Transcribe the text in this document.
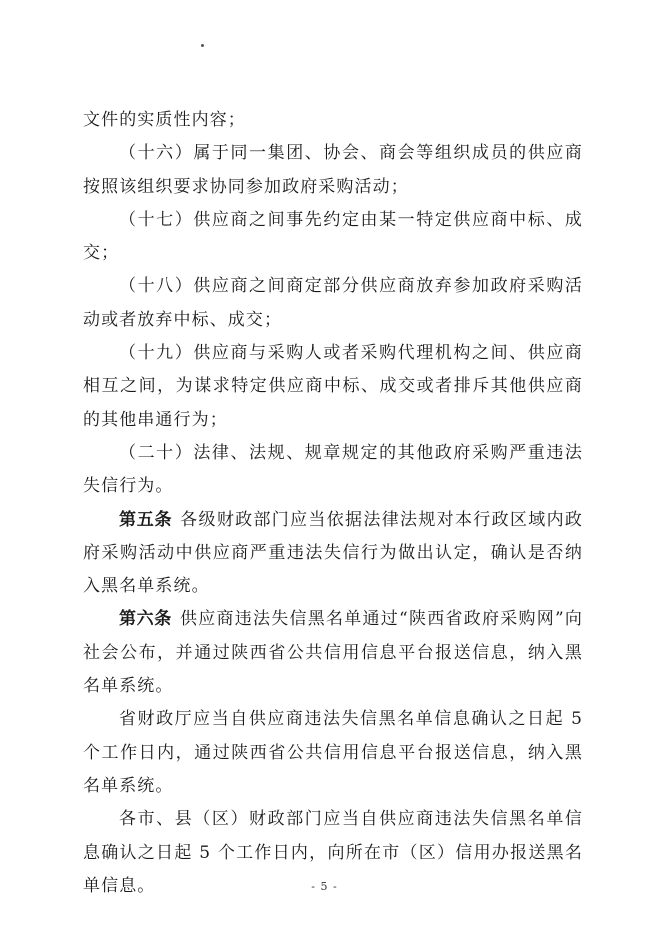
文件的实质性内容；

（十六）属于同一集团、协会、商会等组织成员的供应商按照该组织要求协同参加政府采购活动；

（十七）供应商之间事先约定由某一特定供应商中标、成交；

（十八）供应商之间商定部分供应商放弃参加政府采购活动或者放弃中标、成交；

（十九）供应商与采购人或者采购代理机构之间、供应商相互之间，为谋求特定供应商中标、成交或者排斥其他供应商的其他串通行为；

（二十）法律、法规、规章规定的其他政府采购严重违法失信行为。

第五条 各级财政部门应当依据法律法规对本行政区域内政府采购活动中供应商严重违法失信行为做出认定，确认是否纳入黑名单系统。

第六条 供应商违法失信黑名单通过“陕西省政府采购网”向社会公布，并通过陕西省公共信用信息平台报送信息，纳入黑名单系统。

省财政厅应当自供应商违法失信黑名单信息确认之日起 5 个工作日内，通过陕西省公共信用信息平台报送信息，纳入黑名单系统。

各市、县（区）财政部门应当自供应商违法失信黑名单信息确认之日起 5 个工作日内，向所在市（区）信用办报送黑名单信息。	- 5 -
